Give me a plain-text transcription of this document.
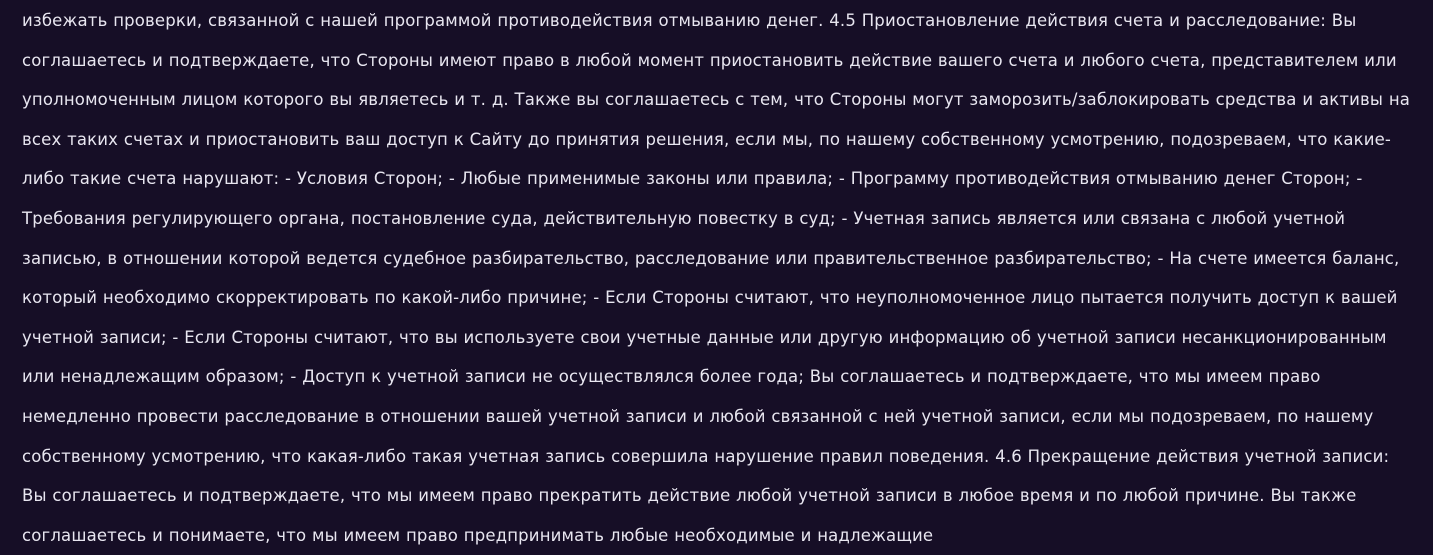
избежать проверки, связанной с нашей программой противодействия отмыванию денег. 4.5 Приостановление действия счета и расследование: Вы соглашаетесь и подтверждаете, что Стороны имеют право в любой момент приостановить действие вашего счета и любого счета, представителем или уполномоченным лицом которого вы являетесь и т. д. Также вы соглашаетесь с тем, что Стороны могут заморозить/заблокировать средства и активы на всех таких счетах и приостановить ваш доступ к Сайту до принятия решения, если мы, по нашему собственному усмотрению, подозреваем, что какие-либо такие счета нарушают: - Условия Сторон; - Любые применимые законы или правила; - Программу противодействия отмыванию денег Сторон; - Требования регулирующего органа, постановление суда, действительную повестку в суд; - Учетная запись является или связана с любой учетной записью, в отношении которой ведется судебное разбирательство, расследование или правительственное разбирательство; - На счете имеется баланс, который необходимо скорректировать по какой-либо причине; - Если Стороны считают, что неуполномоченное лицо пытается получить доступ к вашей учетной записи; - Если Стороны считают, что вы используете свои учетные данные или другую информацию об учетной записи несанкционированным или ненадлежащим образом; - Доступ к учетной записи не осуществлялся более года; Вы соглашаетесь и подтверждаете, что мы имеем право немедленно провести расследование в отношении вашей учетной записи и любой связанной с ней учетной записи, если мы подозреваем, по нашему собственному усмотрению, что какая-либо такая учетная запись совершила нарушение правил поведения. 4.6 Прекращение действия учетной записи: Вы соглашаетесь и подтверждаете, что мы имеем право прекратить действие любой учетной записи в любое время и по любой причине. Вы также соглашаетесь и понимаете, что мы имеем право предпринимать любые необходимые и надлежащие
